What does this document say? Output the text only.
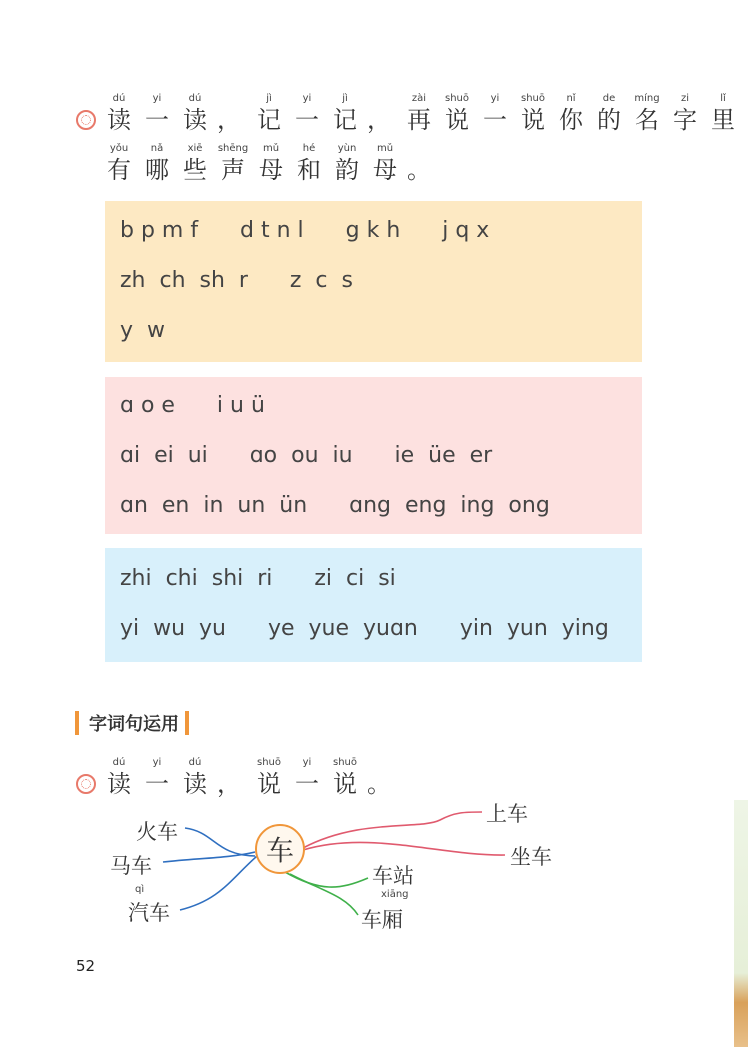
dú
读
yi
一
dú
读 ，
jì
记
yi
一
jì
记 ，
zài
再
shuō
说
yi
一
shuō
说
nǐ
你
de
的
míng
名
zi
字
lǐ
里
yǒu
有
nǎ
哪
xiē
些
shēng
声
mǔ
母
hé
和
yùn
韵
mǔ
母 。
b p m f      d t n l      g k h      j q x
zh  ch  sh  r      z  c  s
y  w
ɑ o e      i u ü
ɑi  ei  ui      ɑo  ou  iu      ie  üe  er
ɑn  en  in  un  ün      ɑng  eng  ing  ong
zhi  chi  shi  ri      zi  ci  si
yi  wu  yu      ye  yue  yuɑn      yin  yun  ying
字词句运用
dú
读
yi
一
dú
读 ，
shuō
说
yi
一
shuō
说 。
车
火车
马车
qì
汽车
上车
坐车
车站
xiāng
车厢
52
